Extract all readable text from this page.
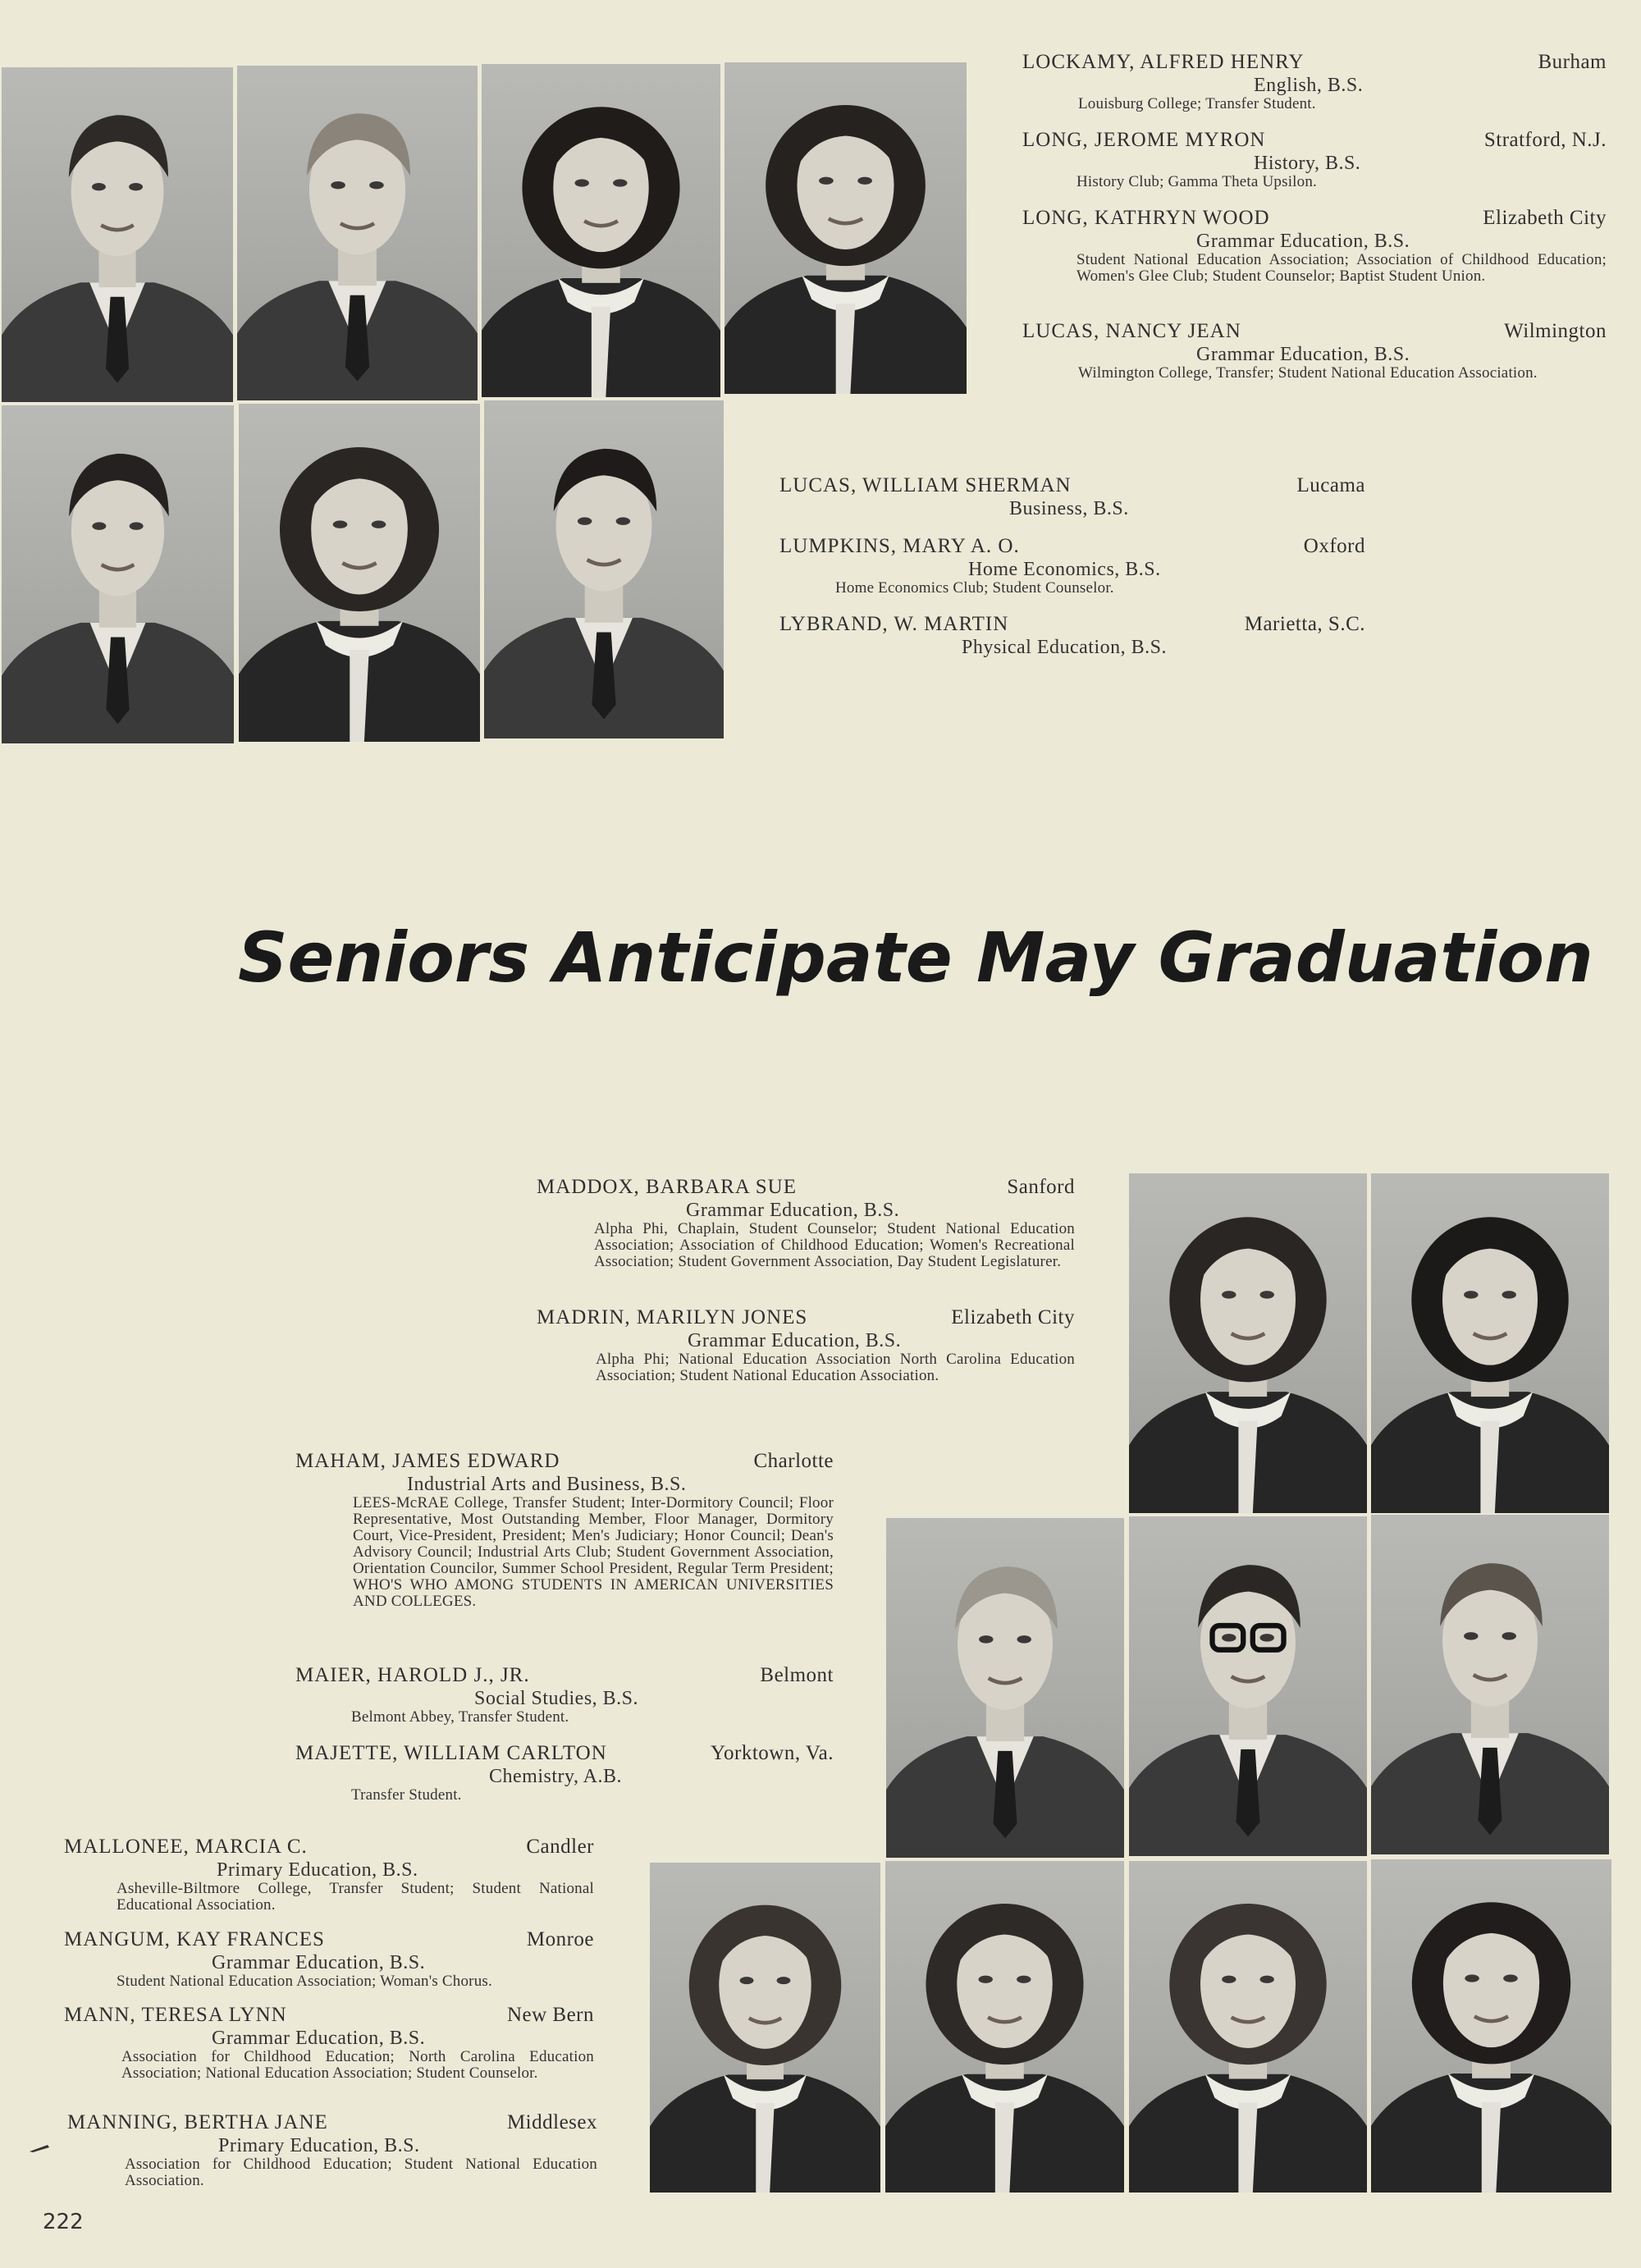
LOCKAMY, ALFRED HENRY	Burham
English, B.S.
Louisburg College; Transfer Student.
LONG, JEROME MYRON	Stratford, N.J.
History, B.S.
History Club; Gamma Theta Upsilon.
LONG, KATHRYN WOOD	Elizabeth City
Grammar Education, B.S.
Student National Education Association; Association of Childhood Education; Women's Glee Club; Student Counselor; Baptist Student Union.
LUCAS, NANCY JEAN	Wilmington
Grammar Education, B.S.
Wilmington College, Transfer; Student National Education Association.
LUCAS, WILLIAM SHERMAN	Lucama
Business, B.S.
LUMPKINS, MARY A. O.	Oxford
Home Economics, B.S.
Home Economics Club; Student Counselor.
LYBRAND, W. MARTIN	Marietta, S.C.
Physical Education, B.S.
Seniors Anticipate May Graduation
MADDOX, BARBARA SUE	Sanford
Grammar Education, B.S.
Alpha Phi, Chaplain, Student Counselor; Student National Education Association; Association of Childhood Education; Women's Recreational Association; Student Government Association, Day Student Legislaturer.
MADRIN, MARILYN JONES	Elizabeth City
Grammar Education, B.S.
Alpha Phi; National Education Association North Carolina Education Association; Student National Education Association.
MAHAM, JAMES EDWARD	Charlotte
Industrial Arts and Business, B.S.
LEES-McRAE College, Transfer Student; Inter-Dormitory Council; Floor Representative, Most Outstanding Member, Floor Manager, Dormitory Court, Vice-President, President; Men's Judiciary; Honor Council; Dean's Advisory Council; Industrial Arts Club; Student Government Association, Orientation Councilor, Summer School President, Regular Term President; WHO'S WHO AMONG STUDENTS IN AMERICAN UNIVERSITIES AND COLLEGES.
MAIER, HAROLD J., JR.	Belmont
Social Studies, B.S.
Belmont Abbey, Transfer Student.
MAJETTE, WILLIAM CARLTON	Yorktown, Va.
Chemistry, A.B.
Transfer Student.
MALLONEE, MARCIA C.	Candler
Primary Education, B.S.
Asheville-Biltmore College, Transfer Student; Student National Educational Association.
MANGUM, KAY FRANCES	Monroe
Grammar Education, B.S.
Student National Education Association; Woman's Chorus.
MANN, TERESA LYNN	New Bern
Grammar Education, B.S.
Association for Childhood Education; North Carolina Education Association; National Education Association; Student Counselor.
MANNING, BERTHA JANE	Middlesex
Primary Education, B.S.
Association for Childhood Education; Student National Education Association.
222
